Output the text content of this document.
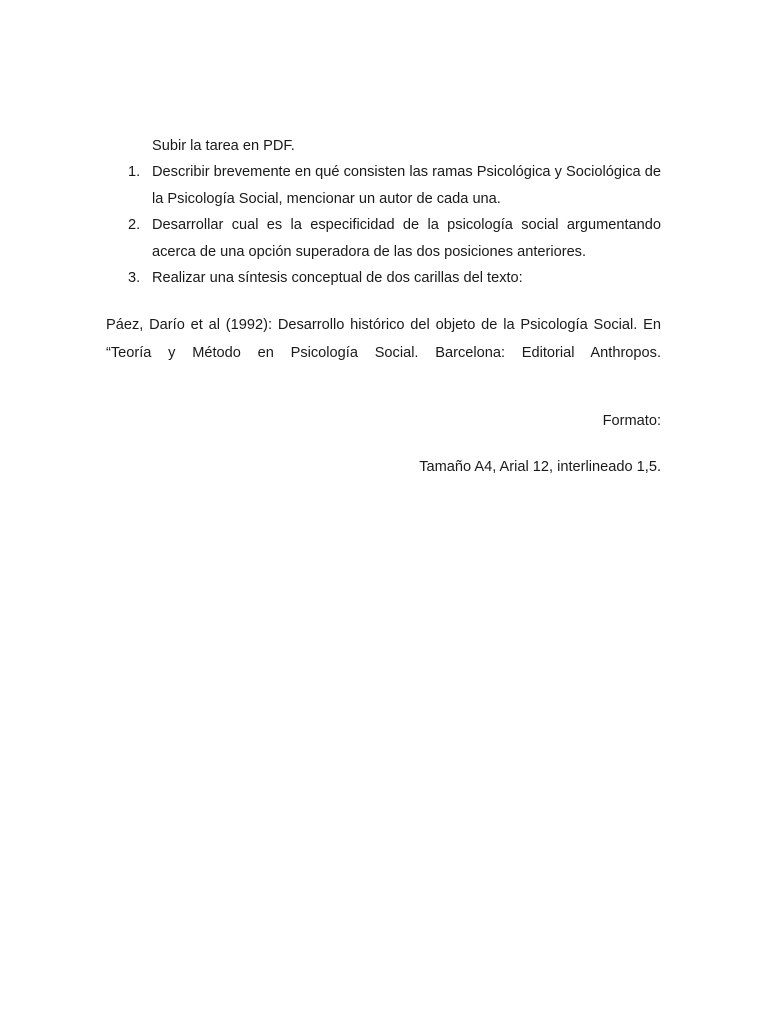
Subir la tarea en PDF.
1. Describir brevemente en qué consisten las ramas Psicológica y Sociológica de la Psicología Social, mencionar un autor de cada una.
2. Desarrollar cual es la especificidad de la psicología social argumentando acerca de una opción superadora de las dos posiciones anteriores.
3. Realizar una síntesis conceptual de dos carillas del texto:
Páez, Darío et al (1992): Desarrollo histórico del objeto de la Psicología Social. En “Teoría y Método en Psicología Social. Barcelona: Editorial Anthropos.
Formato:
Tamaño A4, Arial 12, interlineado 1,5.
